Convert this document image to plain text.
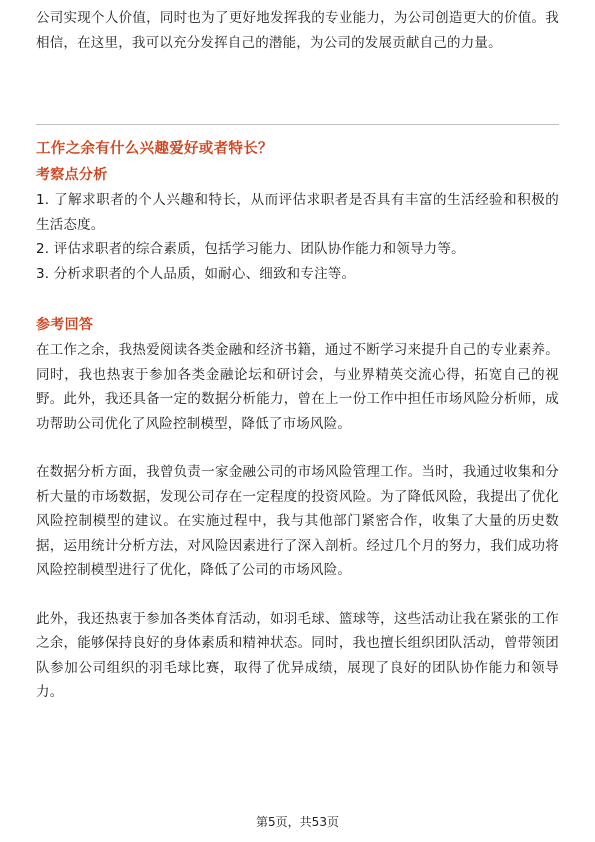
公司实现个人价值，同时也为了更好地发挥我的专业能力，为公司创造更大的价值。我相信，在这里，我可以充分发挥自己的潜能，为公司的发展贡献自己的力量。

工作之余有什么兴趣爱好或者特长？

考察点分析

1. 了解求职者的个人兴趣和特长，从而评估求职者是否具有丰富的生活经验和积极的生活态度。

2. 评估求职者的综合素质，包括学习能力、团队协作能力和领导力等。

3. 分析求职者的个人品质，如耐心、细致和专注等。

参考回答

在工作之余，我热爱阅读各类金融和经济书籍，通过不断学习来提升自己的专业素养。同时，我也热衷于参加各类金融论坛和研讨会，与业界精英交流心得，拓宽自己的视野。此外，我还具备一定的数据分析能力，曾在上一份工作中担任市场风险分析师，成功帮助公司优化了风险控制模型，降低了市场风险。

在数据分析方面，我曾负责一家金融公司的市场风险管理工作。当时，我通过收集和分析大量的市场数据，发现公司存在一定程度的投资风险。为了降低风险，我提出了优化风险控制模型的建议。在实施过程中，我与其他部门紧密合作，收集了大量的历史数据，运用统计分析方法，对风险因素进行了深入剖析。经过几个月的努力，我们成功将风险控制模型进行了优化，降低了公司的市场风险。

此外，我还热衷于参加各类体育活动，如羽毛球、篮球等，这些活动让我在紧张的工作之余，能够保持良好的身体素质和精神状态。同时，我也擅长组织团队活动，曾带领团队参加公司组织的羽毛球比赛，取得了优异成绩，展现了良好的团队协作能力和领导力。

第5页，共53页
